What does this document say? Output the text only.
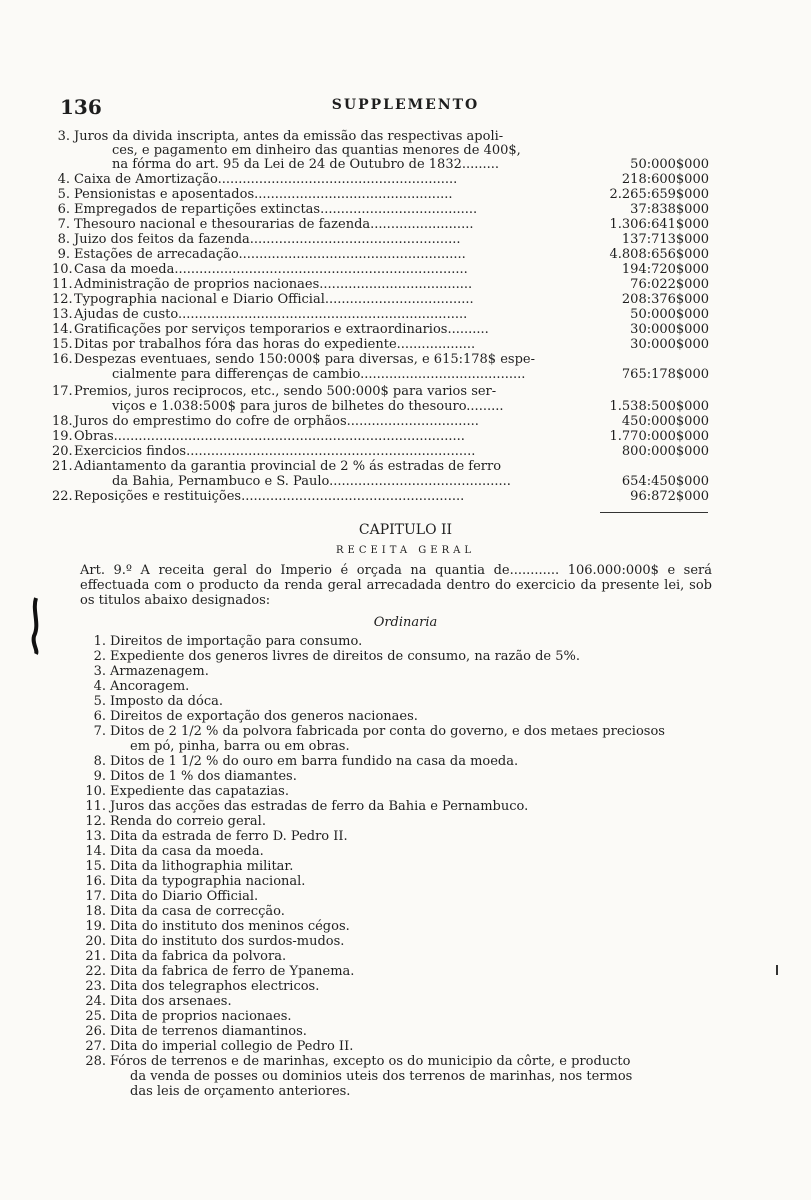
136	SUPPLEMENTO
3. Juros da divida inscripta, antes da emissão das respectivas apoli-
ces, e pagamento em dinheiro das quantias menores de 400$,
na fórma do art. 95 da Lei de 24 de Outubro de 1832.........	50:000$000
4. Caixa de Amortização..........................................................	218:600$000
5. Pensionistas e aposentados................................................	2.265:659$000
6. Empregados de repartições extinctas......................................	37:838$000
7. Thesouro nacional e thesourarias de fazenda.........................	1.306:641$000
8. Juizo dos feitos da fazenda...................................................	137:713$000
9. Estações de arrecadação.......................................................	4.808:656$000
10.Casa da moeda.......................................................................	194:720$000
11.Administração de proprios nacionaes.....................................	76:022$000
12.Typographia nacional e Diario Official....................................	208:376$000
13.Ajudas de custo......................................................................	50:000$000
14.Gratificações por serviços temporarios e extraordinarios..........	30:000$000
15.Ditas por trabalhos fóra das horas do expediente...................	30:000$000
16.Despezas eventuaes, sendo 150:000$ para diversas, e 615:178$ espe-
cialmente para differenças de cambio........................................	765:178$000
17.Premios, juros reciprocos, etc., sendo 500:000$ para varios ser-
viços e 1.038:500$ para juros de bilhetes do thesouro.........	1.538:500$000
18.Juros do emprestimo do cofre de orphãos................................	450:000$000
19.Obras.....................................................................................	1.770:000$000
20.Exercicios findos......................................................................	800:000$000
21.Adiantamento da garantia provincial de 2 % ás estradas de ferro
da Bahia, Pernambuco e S. Paulo............................................	654:450$000
22.Reposições e restituições......................................................	96:872$000
CAPITULO II
RECEITA GERAL
Art. 9.º A receita geral do Imperio é orçada na quantia de............ 106.000:000$ e será effectuada com o producto da renda geral arrecadada dentro do exercicio da presente lei, sob os titulos abaixo designados:
Ordinaria
1. Direitos de importação para consumo.
2. Expediente dos generos livres de direitos de consumo, na razão de 5%.
3. Armazenagem.
4. Ancoragem.
5. Imposto da dóca.
6. Direitos de exportação dos generos nacionaes.
7. Ditos de 2 1/2 % da polvora fabricada por conta do governo, e dos metaes preciosos
em pó, pinha, barra ou em obras.
8. Ditos de 1 1/2 % do ouro em barra fundido na casa da moeda.
9. Ditos de 1 % dos diamantes.
10. Expediente das capatazias.
11. Juros das acções das estradas de ferro da Bahia e Pernambuco.
12. Renda do correio geral.
13. Dita da estrada de ferro D. Pedro II.
14. Dita da casa da moeda.
15. Dita da lithographia militar.
16. Dita da typographia nacional.
17. Dita do Diario Official.
18. Dita da casa de correcção.
19. Dita do instituto dos meninos cégos.
20. Dita do instituto dos surdos-mudos.
21. Dita da fabrica da polvora.
22. Dita da fabrica de ferro de Ypanema.
23. Dita dos telegraphos electricos.
24. Dita dos arsenaes.
25. Dita de proprios nacionaes.
26. Dita de terrenos diamantinos.
27. Dita do imperial collegio de Pedro II.
28. Fóros de terrenos e de marinhas, excepto os do municipio da côrte, e producto
da venda de posses ou dominios uteis dos terrenos de marinhas, nos termos
das leis de orçamento anteriores.
